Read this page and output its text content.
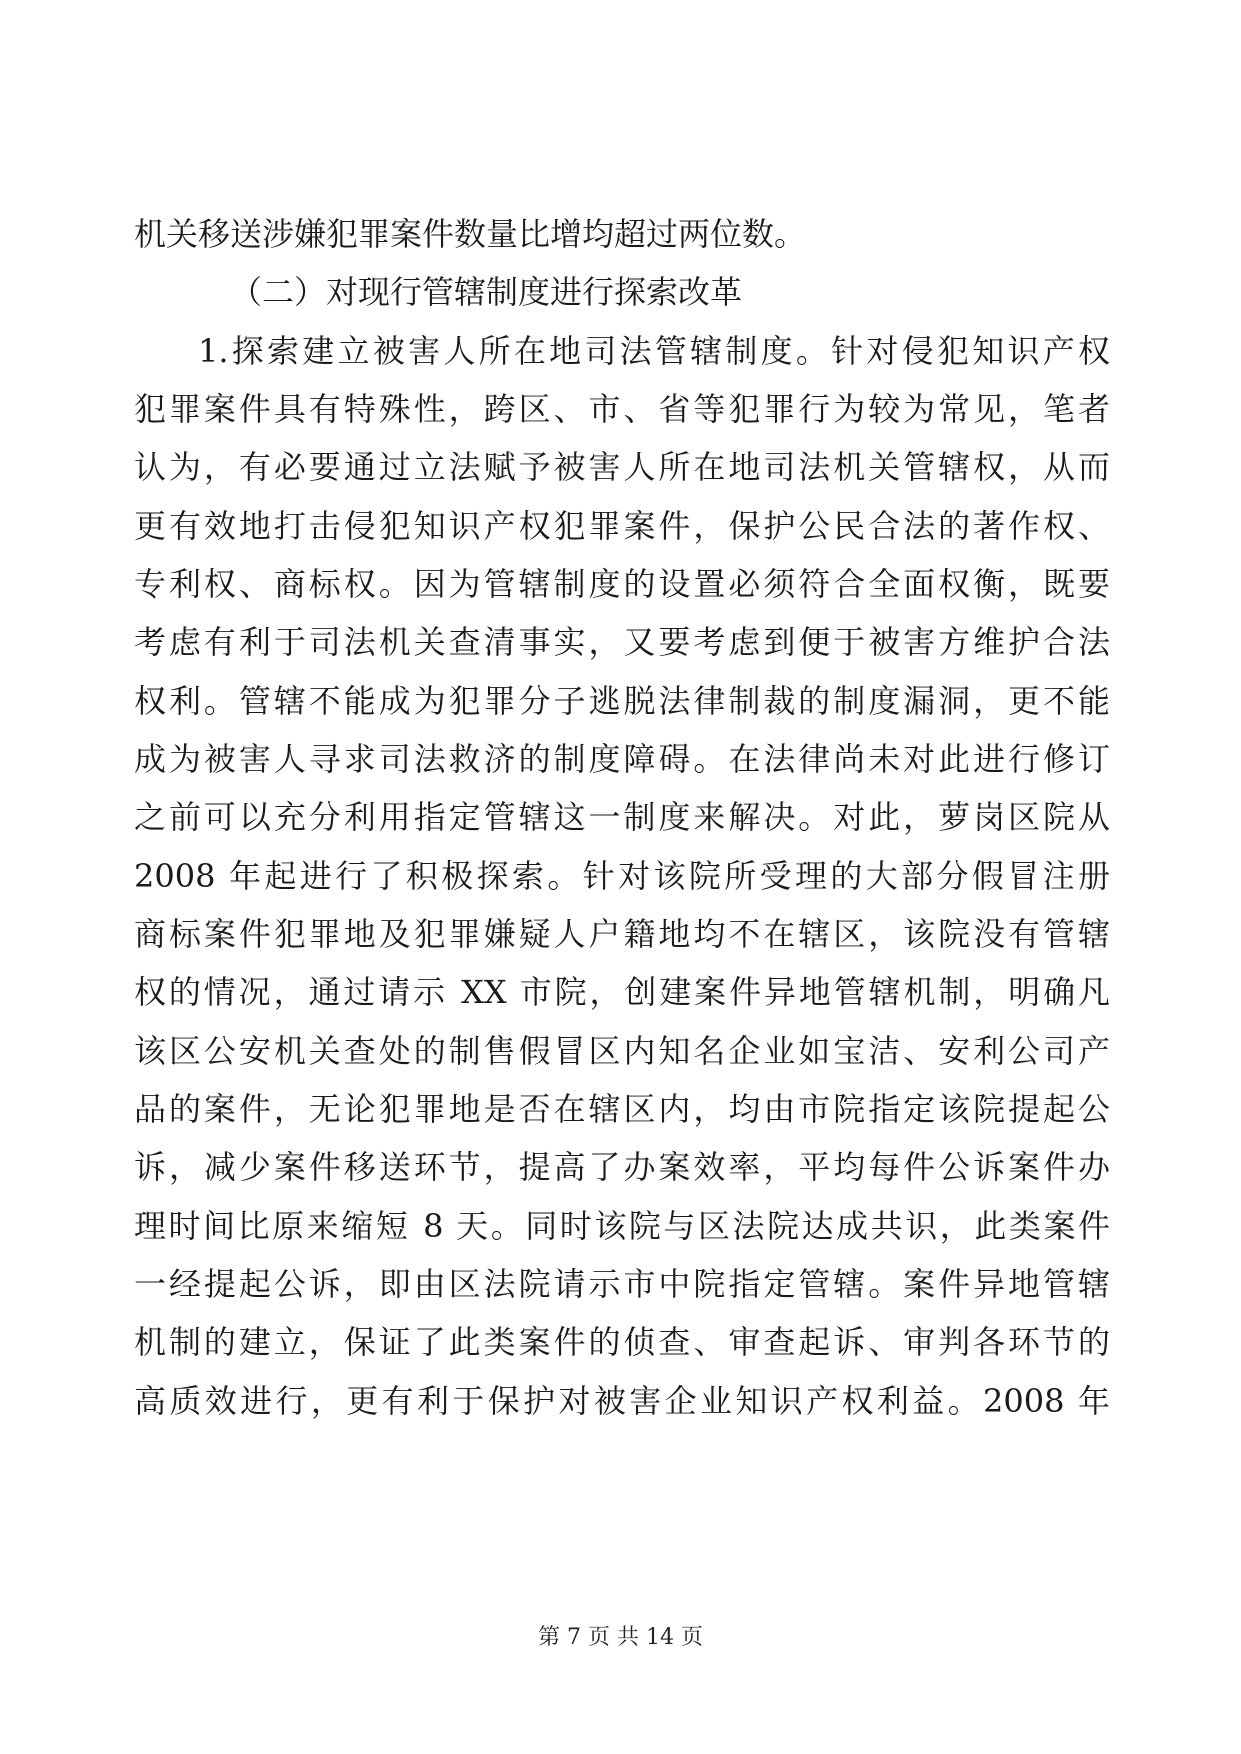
机关移送涉嫌犯罪案件数量比增均超过两位数。
（二）对现行管辖制度进行探索改革
1.探索建立被害人所在地司法管辖制度。针对侵犯知识产权
犯罪案件具有特殊性，跨区、市、省等犯罪行为较为常见，笔者
认为，有必要通过立法赋予被害人所在地司法机关管辖权，从而
更有效地打击侵犯知识产权犯罪案件，保护公民合法的著作权、
专利权、商标权。因为管辖制度的设置必须符合全面权衡，既要
考虑有利于司法机关查清事实，又要考虑到便于被害方维护合法
权利。管辖不能成为犯罪分子逃脱法律制裁的制度漏洞，更不能
成为被害人寻求司法救济的制度障碍。在法律尚未对此进行修订
之前可以充分利用指定管辖这一制度来解决。对此，萝岗区院从
2008 年起进行了积极探索。针对该院所受理的大部分假冒注册
商标案件犯罪地及犯罪嫌疑人户籍地均不在辖区，该院没有管辖
权的情况，通过请示 XX 市院，创建案件异地管辖机制，明确凡
该区公安机关查处的制售假冒区内知名企业如宝洁、安利公司产
品的案件，无论犯罪地是否在辖区内，均由市院指定该院提起公
诉，减少案件移送环节，提高了办案效率，平均每件公诉案件办
理时间比原来缩短 8 天。同时该院与区法院达成共识，此类案件
一经提起公诉，即由区法院请示市中院指定管辖。案件异地管辖
机制的建立，保证了此类案件的侦查、审查起诉、审判各环节的
高质效进行，更有利于保护对被害企业知识产权利益。2008 年
第 7 页 共 14 页
